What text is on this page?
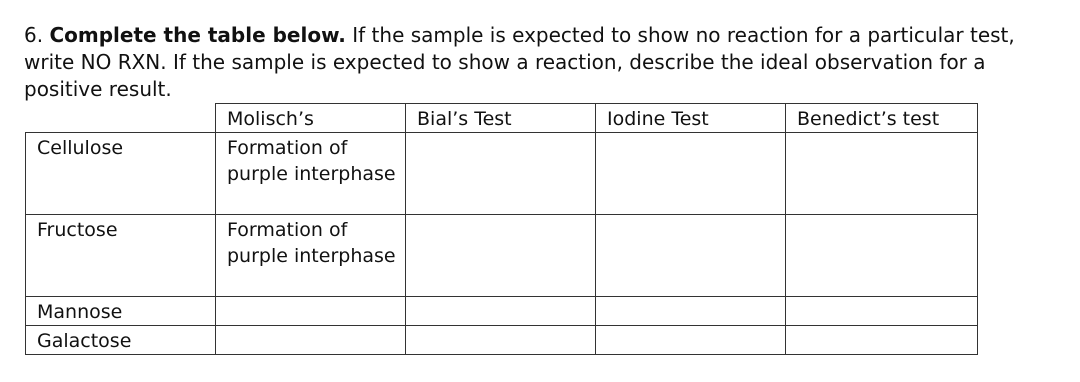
6. Complete the table below. If the sample is expected to show no reaction for a particular test, write NO RXN. If the sample is expected to show a reaction, describe the ideal observation for a positive result.

	Molisch’s	Bial’s Test	Iodine Test	Benedict’s test
Cellulose	Formation of purple interphase			
Fructose	Formation of purple interphase			
Mannose				
Galactose				
